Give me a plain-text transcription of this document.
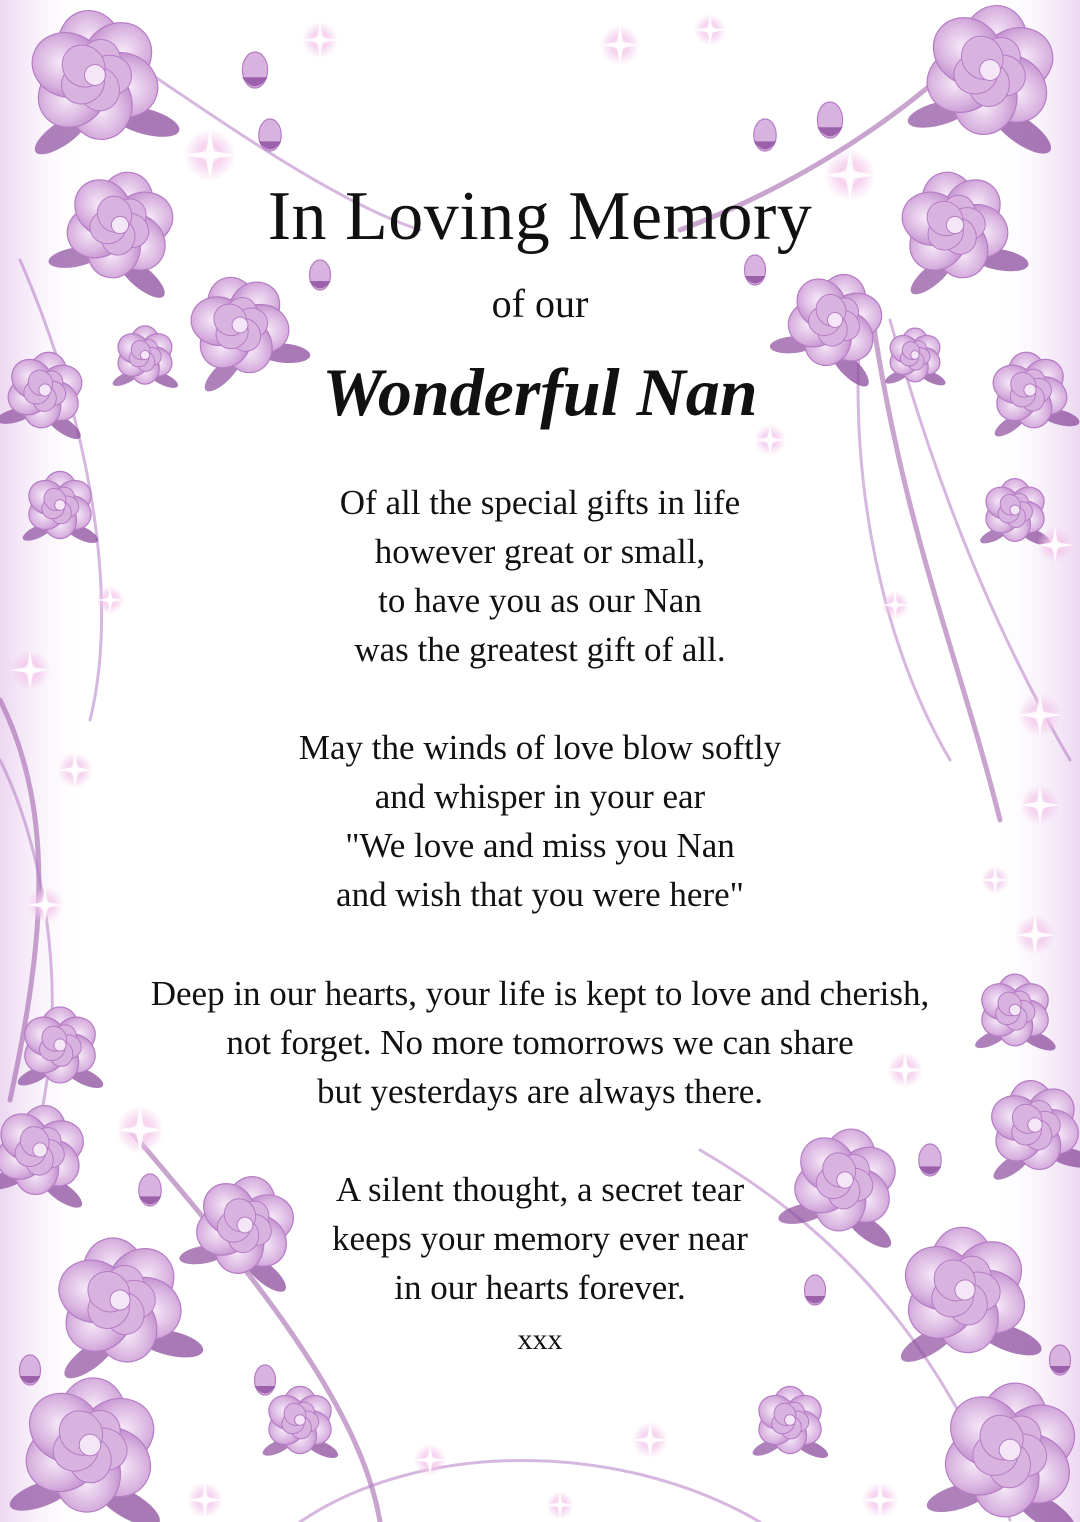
In Loving Memory
of our
Wonderful Nan
Of all the special gifts in life
however great or small,
to have you as our Nan
was the greatest gift of all.
May the winds of love blow softly
and whisper in your ear
"We love and miss you Nan
and wish that you were here"
Deep in our hearts, your life is kept to love and cherish,
not forget. No more tomorrows we can share
but yesterdays are always there.
A silent thought, a secret tear
keeps your memory ever near
in our hearts forever.
xxx
